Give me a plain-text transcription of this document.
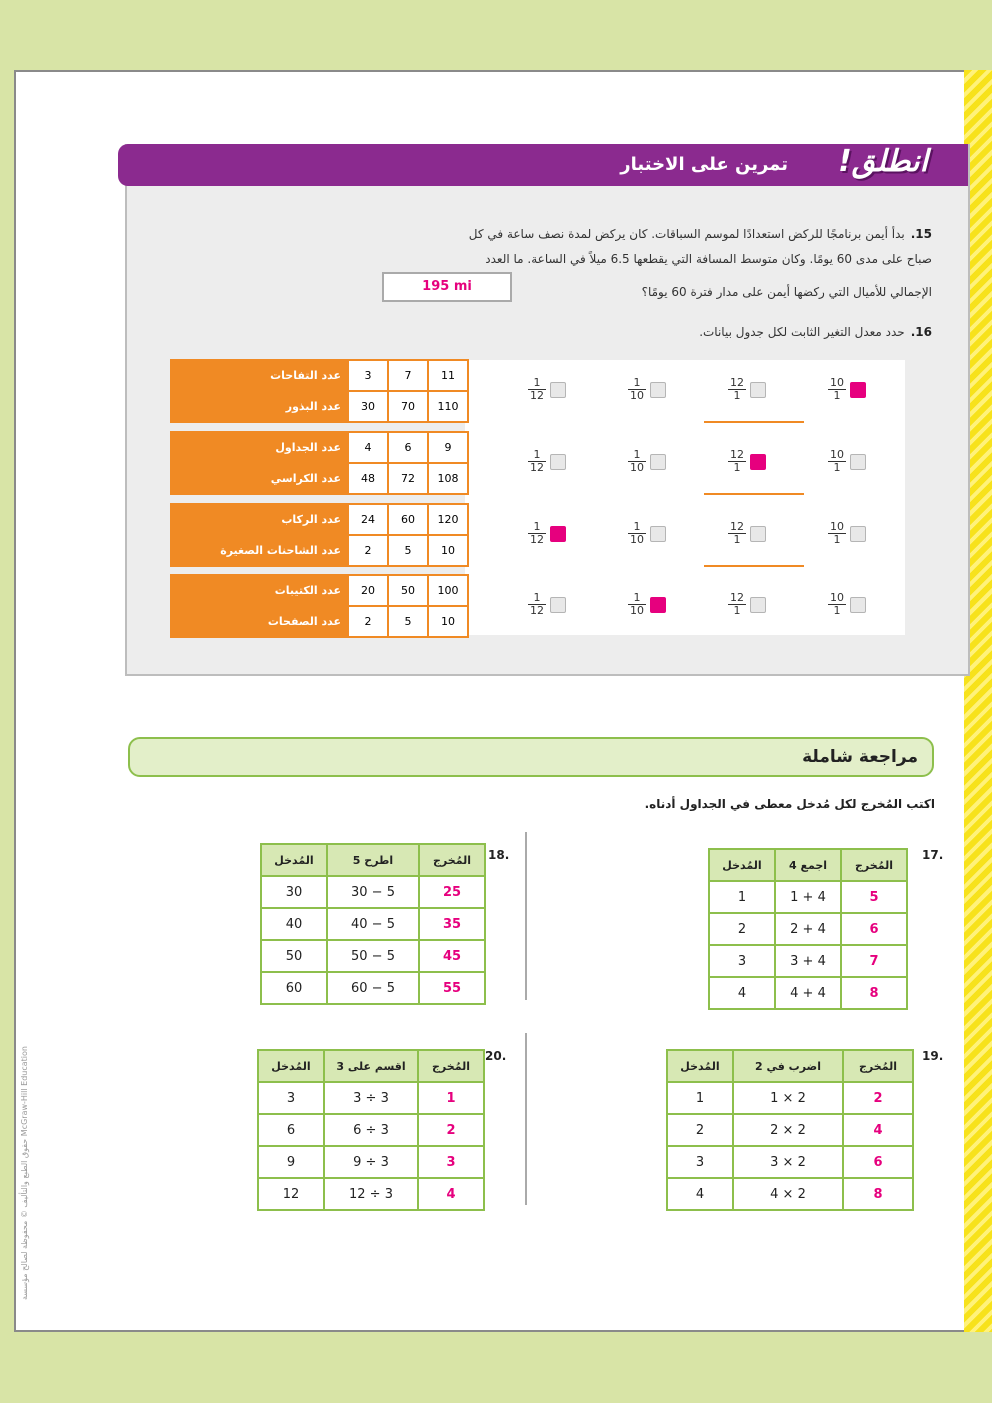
حقوق الطبع والتأليف © محفوظة لصالح مؤسسة McGraw-Hill Education
انطلق!
تمرين على الاختبار
15.بدأ أيمن برنامجًا للركض استعدادًا لموسم السباقات. كان يركض لمدة نصف ساعة في كل
صباح على مدى 60 يومًا. وكان متوسط المسافة التي يقطعها 6.5 ميلاً في الساعة. ما العدد
الإجمالي للأميال التي ركضها أيمن على مدار فترة 60 يومًا؟
195 mi
16.حدد معدل التغير الثابت لكل جدول بيانات.
عدد التفاحات	3	7	11
عدد البذور	30	70	110
$\frac{1}{12}$	$\frac{1}{10}$	$\frac{12}{1}$	$\frac{10}{1}$
عدد الجداول	4	6	9
عدد الكراسي	48	72	108
$\frac{1}{12}$	$\frac{1}{10}$	$\frac{12}{1}$	$\frac{10}{1}$
عدد الركاب	24	60	120
عدد الشاحنات الصغيرة	2	5	10
$\frac{1}{12}$	$\frac{1}{10}$	$\frac{12}{1}$	$\frac{10}{1}$
عدد الكتيبات	20	50	100
عدد الصفحات	2	5	10
$\frac{1}{12}$	$\frac{1}{10}$	$\frac{12}{1}$	$\frac{10}{1}$
مراجعة شاملة
اكتب المُخرج لكل مُدخل معطى في الجداول أدناه.
17.
المُدخل	اجمع 4	المُخرج
1	1 + 4	5
2	2 + 4	6
3	3 + 4	7
4	4 + 4	8
18.
المُدخل	اطرح 5	المُخرج
30	30 − 5	25
40	40 − 5	35
50	50 − 5	45
60	60 − 5	55
19.
المُدخل	اضرب في 2	المُخرج
1	1 × 2	2
2	2 × 2	4
3	3 × 2	6
4	4 × 2	8
20.
المُدخل	اقسم على 3	المُخرج
3	3 ÷ 3	1
6	6 ÷ 3	2
9	9 ÷ 3	3
12	12 ÷ 3	4
